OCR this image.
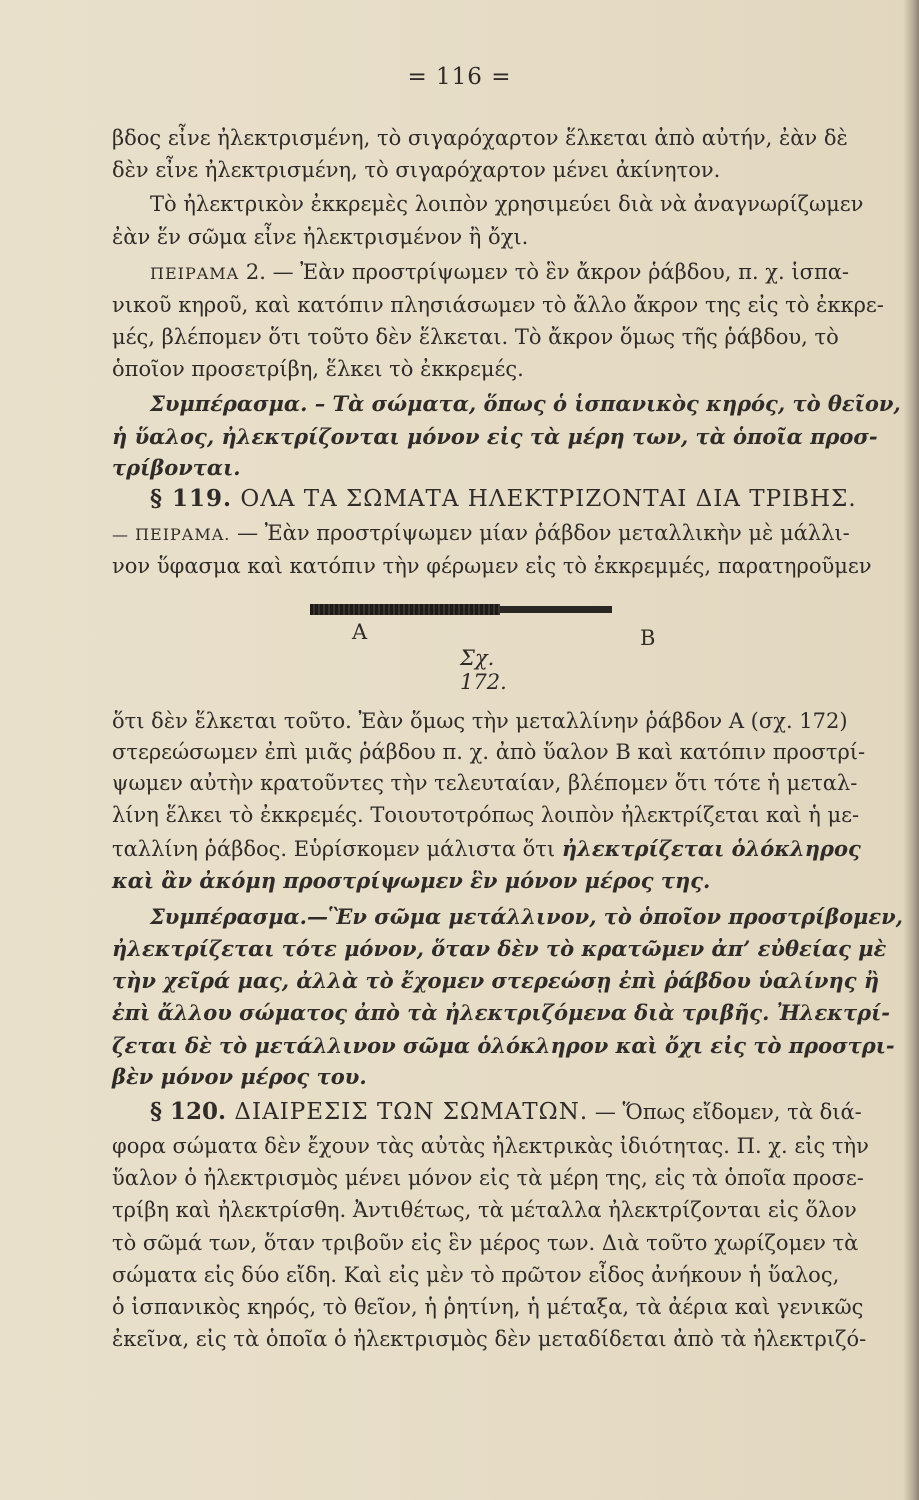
= 116 =
βδος εἶνε ἠλεκτρισμένη, τὸ σιγαρόχαρτον ἕλκεται ἀπὸ αὐτήν, ἐὰν δὲ
δὲν εἶνε ἠλεκτρισμένη, τὸ σιγαρόχαρτον μένει ἀκίνητον.
Τὸ ἠλεκτρικὸν ἐκκρεμὲς λοιπὸν χρησιμεύει διὰ νὰ ἀναγνωρίζωμεν
ἐὰν ἕν σῶμα εἶνε ἠλεκτρισμένον ἢ ὄχι.
ΠΕΙΡΑΜΑ 2. — Ἐὰν προστρίψωμεν τὸ ἓν ἄκρον ῥάβδου, π. χ. ἱσπα-
νικοῦ κηροῦ, καὶ κατόπιν πλησιάσωμεν τὸ ἄλλο ἄκρον της εἰς τὸ ἐκκρε-
μές, βλέπομεν ὅτι τοῦτο δὲν ἕλκεται. Τὸ ἄκρον ὅμως τῆς ῥάβδου, τὸ
ὁποῖον προσετρίβη, ἕλκει τὸ ἐκκρεμές.
Συμπέρασμα. – Τὰ σώματα, ὅπως ὁ ἱσπανικὸς κηρός, τὸ θεῖον,
ἡ ὕαλος, ἠλεκτρίζονται μόνον εἰς τὰ μέρη των, τὰ ὁποῖα προσ-
τρίβονται.
§ 119. ΟΛΑ ΤΑ ΣΩΜΑΤΑ ΗΛΕΚΤΡΙΖΟΝΤΑΙ ΔΙΑ ΤΡΙΒΗΣ.
— ΠΕΙΡΑΜΑ. — Ἐὰν προστρίψωμεν μίαν ῥάβδον μεταλλικὴν μὲ μάλλι-
νον ὕφασμα καὶ κατόπιν τὴν φέρωμεν εἰς τὸ ἐκκρεμμές, παρατηροῦμεν
A	B
Σχ. 172.
ὅτι δὲν ἕλκεται τοῦτο. Ἐὰν ὅμως τὴν μεταλλίνην ῥάβδον Α (σχ. 172)
στερεώσωμεν ἐπὶ μιᾶς ῥάβδου π. χ. ἀπὸ ὕαλον Β καὶ κατόπιν προστρί-
ψωμεν αὐτὴν κρατοῦντες τὴν τελευταίαν, βλέπομεν ὅτι τότε ἡ μεταλ-
λίνη ἕλκει τὸ ἐκκρεμές. Τοιουτοτρόπως λοιπὸν ἠλεκτρίζεται καὶ ἡ με-
ταλλίνη ῥάβδος. Εὑρίσκομεν μάλιστα ὅτι ἠλεκτρίζεται ὁλόκληρος
καὶ ἂν ἀκόμη προστρίψωμεν ἓν μόνον μέρος της.
Συμπέρασμα.—Ἓν σῶμα μετάλλινον, τὸ ὁποῖον προστρίβομεν,
ἠλεκτρίζεται τότε μόνον, ὅταν δὲν τὸ κρατῶμεν ἀπ’ εὐθείας μὲ
τὴν χεῖρά μας, ἀλλὰ τὸ ἔχομεν στερεώσῃ ἐπὶ ῥάβδου ὑαλίνης ἢ
ἐπὶ ἄλλου σώματος ἀπὸ τὰ ἠλεκτριζόμενα διὰ τριβῆς. Ἠλεκτρί-
ζεται δὲ τὸ μετάλλινον σῶμα ὁλόκληρον καὶ ὄχι εἰς τὸ προστρι-
βὲν μόνον μέρος του.
§ 120. ΔΙΑΙΡΕΣΙΣ ΤΩΝ ΣΩΜΑΤΩΝ. — Ὅπως εἴδομεν, τὰ διά-
φορα σώματα δὲν ἔχουν τὰς αὐτὰς ἠλεκτρικὰς ἰδιότητας. Π. χ. εἰς τὴν
ὕαλον ὁ ἠλεκτρισμὸς μένει μόνον εἰς τὰ μέρη της, εἰς τὰ ὁποῖα προσε-
τρίβη καὶ ἠλεκτρίσθη. Ἀντιθέτως, τὰ μέταλλα ἠλεκτρίζονται εἰς ὅλον
τὸ σῶμά των, ὅταν τριβοῦν εἰς ἓν μέρος των. Διὰ τοῦτο χωρίζομεν τὰ
σώματα εἰς δύο εἴδη. Καὶ εἰς μὲν τὸ πρῶτον εἶδος ἀνήκουν ἡ ὕαλος,
ὁ ἱσπανικὸς κηρός, τὸ θεῖον, ἡ ῥητίνη, ἡ μέταξα, τὰ ἀέρια καὶ γενικῶς
ἐκεῖνα, εἰς τὰ ὁποῖα ὁ ἠλεκτρισμὸς δὲν μεταδίδεται ἀπὸ τὰ ἠλεκτριζό-
